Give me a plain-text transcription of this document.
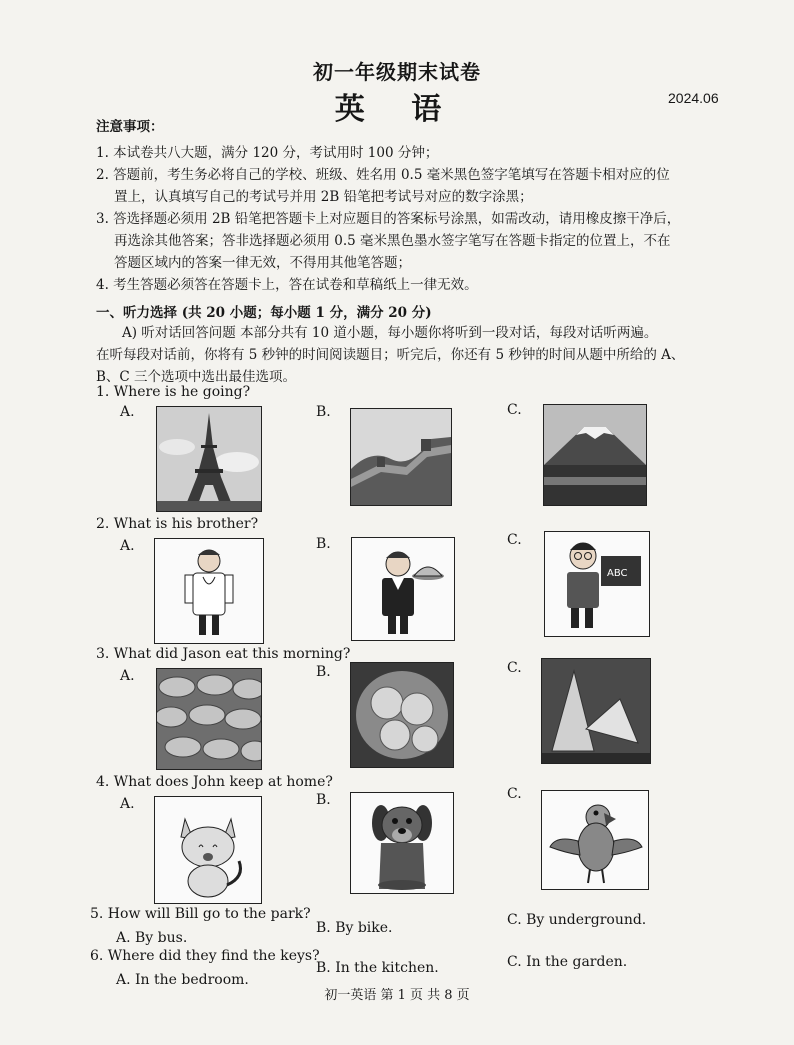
初一年级期末试卷
英 语	2024.06
注意事项：
1. 本试卷共八大题，满分 120 分，考试用时 100 分钟；
2. 答题前，考生务必将自己的学校、班级、姓名用 0.5 毫米黑色签字笔填写在答题卡相对应的位
置上，认真填写自己的考试号并用 2B 铅笔把考试号对应的数字涂黑；
3. 答选择题必须用 2B 铅笔把答题卡上对应题目的答案标号涂黑，如需改动，请用橡皮擦干净后，
再选涂其他答案；答非选择题必须用 0.5 毫米黑色墨水签字笔写在答题卡指定的位置上，不在
答题区域内的答案一律无效，不得用其他笔答题；
4. 考生答题必须答在答题卡上，答在试卷和草稿纸上一律无效。
一、听力选择 (共 20 小题；每小题 1 分，满分 20 分)
A) 听对话回答问题 本部分共有 10 道小题，每小题你将听到一段对话，每段对话听两遍。
在听每段对话前，你将有 5 秒钟的时间阅读题目；听完后，你还有 5 秒钟的时间从题中所给的 A、
B、C 三个选项中选出最佳选项。
1. Where is he going?
A.	B.	C.
2. What is his brother?
A.	B.	C.
ABC
3. What did Jason eat this morning?
A.	B.	C.
4. What does John keep at home?
A.	B.	C.
5. How will Bill go to the park?
A. By bus.
B. By bike.	C. By underground.
6. Where did they find the keys?
A. In the bedroom.
B. In the kitchen.	C. In the garden.
初一英语 第 1 页 共 8 页
